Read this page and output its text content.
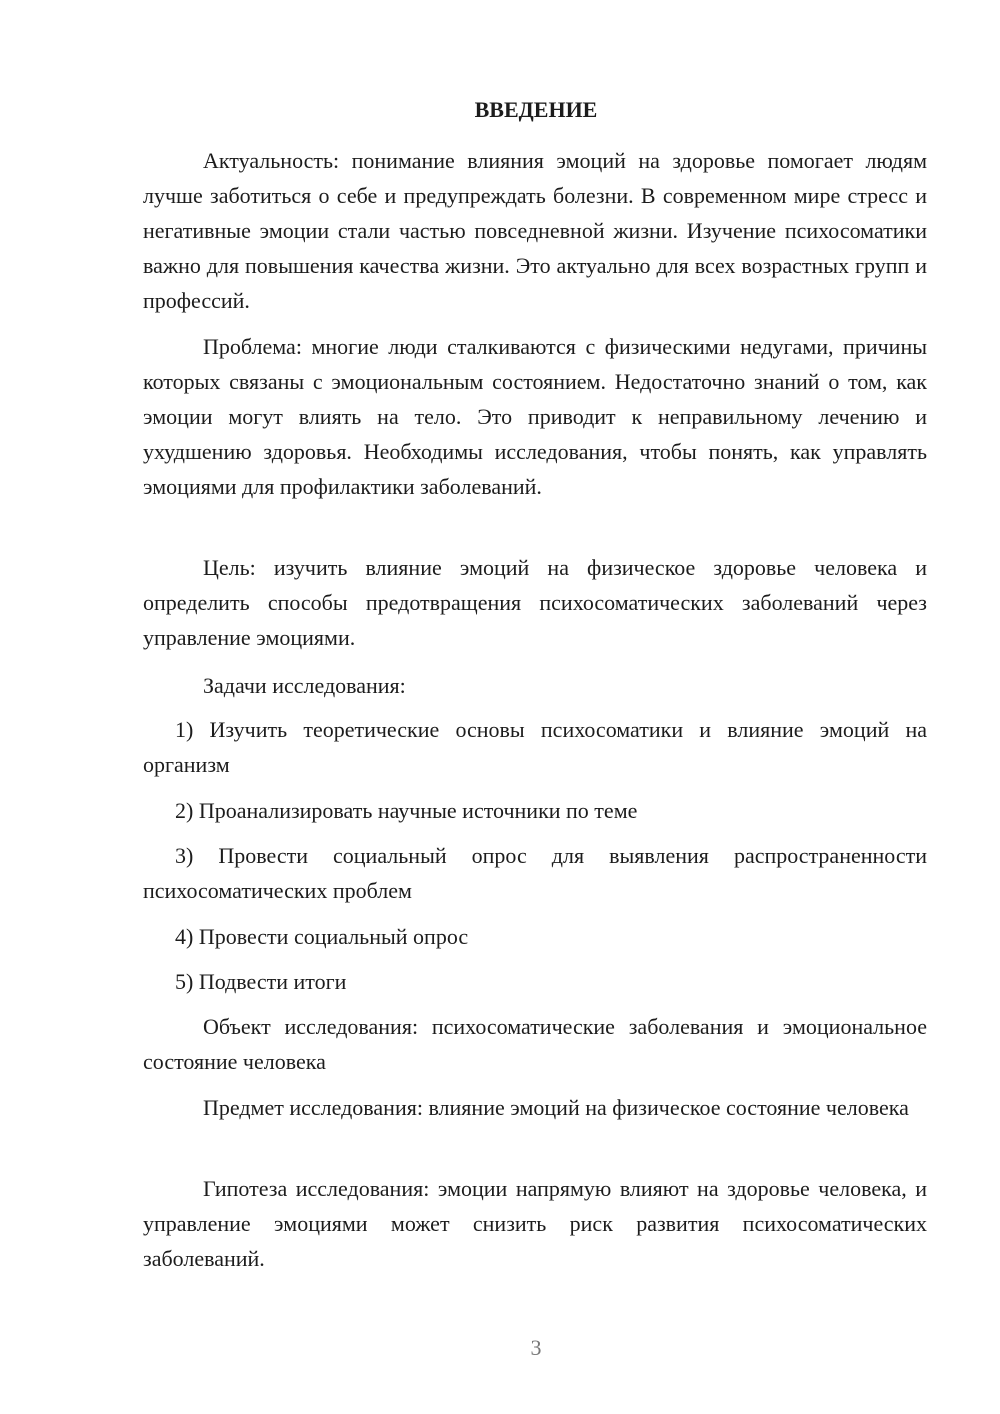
ВВЕДЕНИЕ

Актуальность: понимание влияния эмоций на здоровье помогает людям лучше заботиться о себе и предупреждать болезни. В современном мире стресс и негативные эмоции стали частью повседневной жизни. Изучение психосоматики важно для повышения качества жизни. Это актуально для всех возрастных групп и профессий.

Проблема: многие люди сталкиваются с физическими недугами, причины которых связаны с эмоциональным состоянием. Недостаточно знаний о том, как эмоции могут влиять на тело. Это приводит к неправильному лечению и ухудшению здоровья. Необходимы исследования, чтобы понять, как управлять эмоциями для профилактики заболеваний.

Цель: изучить влияние эмоций на физическое здоровье человека и определить способы предотвращения психосоматических заболеваний через управление эмоциями.

Задачи исследования:

1) Изучить теоретические основы психосоматики и влияние эмоций на организм

2) Проанализировать научные источники по теме

3) Провести социальный опрос для выявления распространенности психосоматических проблем

4) Провести социальный опрос

5) Подвести итоги

Объект исследования: психосоматические заболевания и эмоциональное состояние человека

Предмет исследования: влияние эмоций на физическое состояние человека

Гипотеза исследования: эмоции напрямую влияют на здоровье человека, и управление эмоциями может снизить риск развития психосоматических заболеваний.

3
